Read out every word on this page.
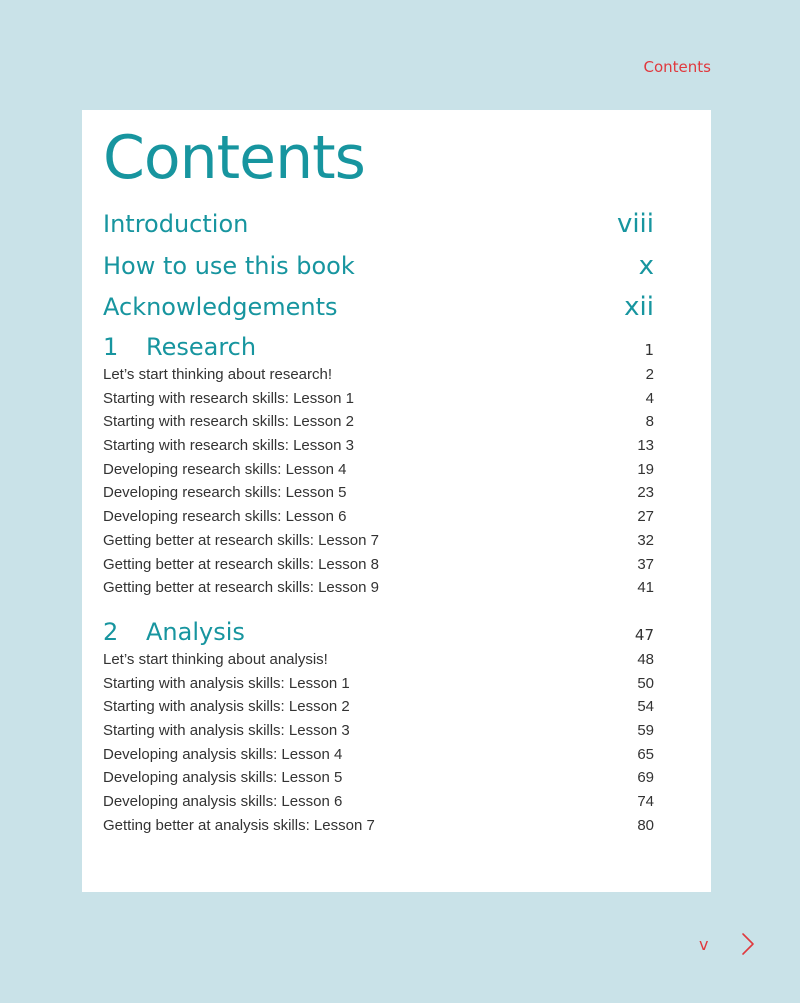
Contents
Contents
Introduction	viii
How to use this book	x
Acknowledgements	xii
1	Research	1
Let’s start thinking about research!	2
Starting with research skills: Lesson 1	4
Starting with research skills: Lesson 2	8
Starting with research skills: Lesson 3	13
Developing research skills: Lesson 4	19
Developing research skills: Lesson 5	23
Developing research skills: Lesson 6	27
Getting better at research skills: Lesson 7	32
Getting better at research skills: Lesson 8	37
Getting better at research skills: Lesson 9	41
2	Analysis	47
Let’s start thinking about analysis!	48
Starting with analysis skills: Lesson 1	50
Starting with analysis skills: Lesson 2	54
Starting with analysis skills: Lesson 3	59
Developing analysis skills: Lesson 4	65
Developing analysis skills: Lesson 5	69
Developing analysis skills: Lesson 6	74
Getting better at analysis skills: Lesson 7	80
v
